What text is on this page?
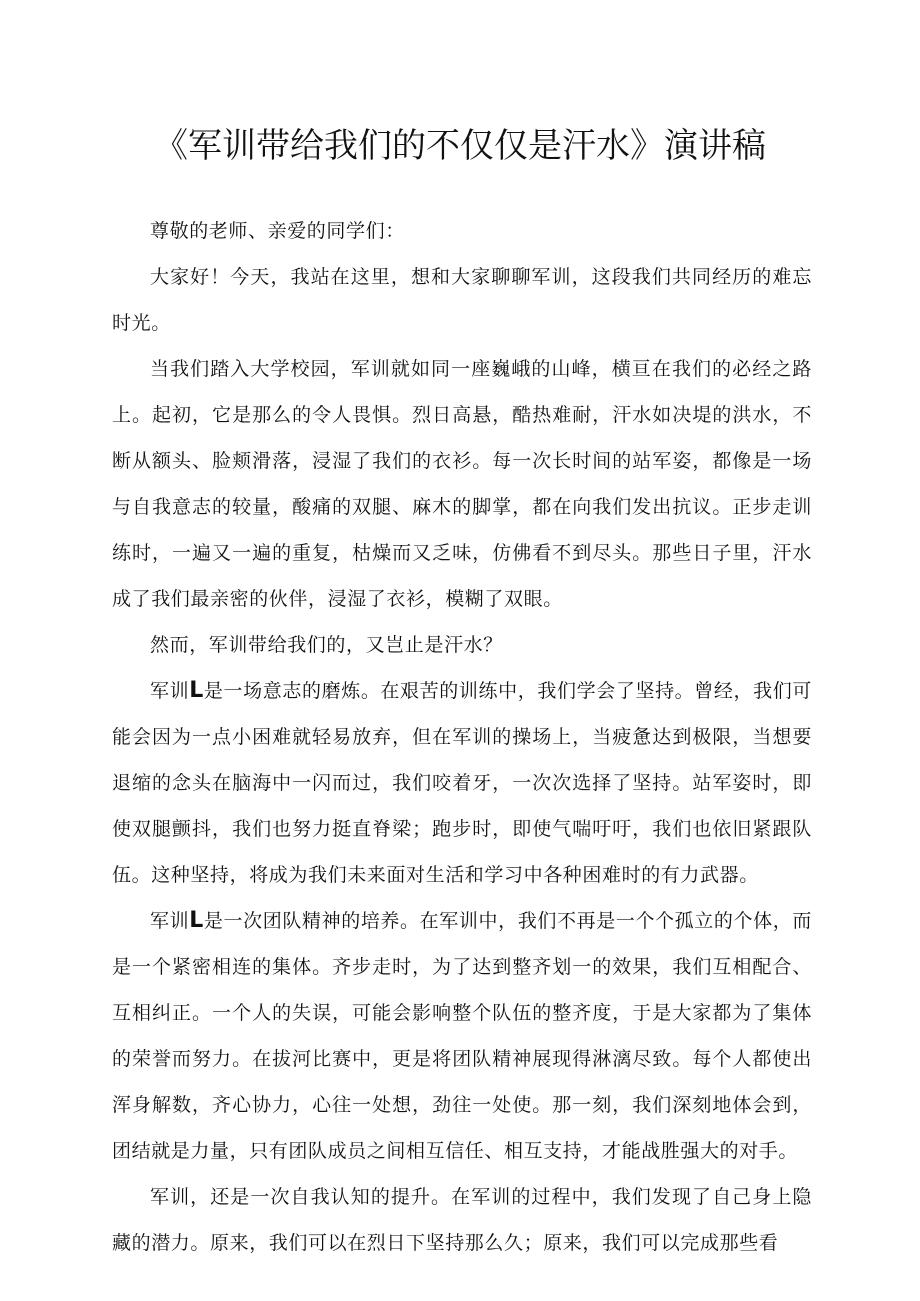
《军训带给我们的不仅仅是汗水》演讲稿

尊敬的老师、亲爱的同学们：

大家好！今天，我站在这里，想和大家聊聊军训，这段我们共同经历的难忘时光。

当我们踏入大学校园，军训就如同一座巍峨的山峰，横亘在我们的必经之路上。起初，它是那么的令人畏惧。烈日高悬，酷热难耐，汗水如决堤的洪水，不断从额头、脸颊滑落，浸湿了我们的衣衫。每一次长时间的站军姿，都像是一场与自我意志的较量，酸痛的双腿、麻木的脚掌，都在向我们发出抗议。正步走训练时，一遍又一遍的重复，枯燥而又乏味，仿佛看不到尽头。那些日子里，汗水成了我们最亲密的伙伴，浸湿了衣衫，模糊了双眼。

然而，军训带给我们的，又岂止是汗水？

军训L是一场意志的磨炼。在艰苦的训练中，我们学会了坚持。曾经，我们可能会因为一点小困难就轻易放弃，但在军训的操场上，当疲惫达到极限，当想要退缩的念头在脑海中一闪而过，我们咬着牙，一次次选择了坚持。站军姿时，即使双腿颤抖，我们也努力挺直脊梁；跑步时，即使气喘吁吁，我们也依旧紧跟队伍。这种坚持，将成为我们未来面对生活和学习中各种困难时的有力武器。

军训L是一次团队精神的培养。在军训中，我们不再是一个个孤立的个体，而是一个紧密相连的集体。齐步走时，为了达到整齐划一的效果，我们互相配合、互相纠正。一个人的失误，可能会影响整个队伍的整齐度，于是大家都为了集体的荣誉而努力。在拔河比赛中，更是将团队精神展现得淋漓尽致。每个人都使出浑身解数，齐心协力，心往一处想，劲往一处使。那一刻，我们深刻地体会到，团结就是力量，只有团队成员之间相互信任、相互支持，才能战胜强大的对手。

军训，还是一次自我认知的提升。在军训的过程中，我们发现了自己身上隐藏的潜力。原来，我们可以在烈日下坚持那么久；原来，我们可以完成那些看
